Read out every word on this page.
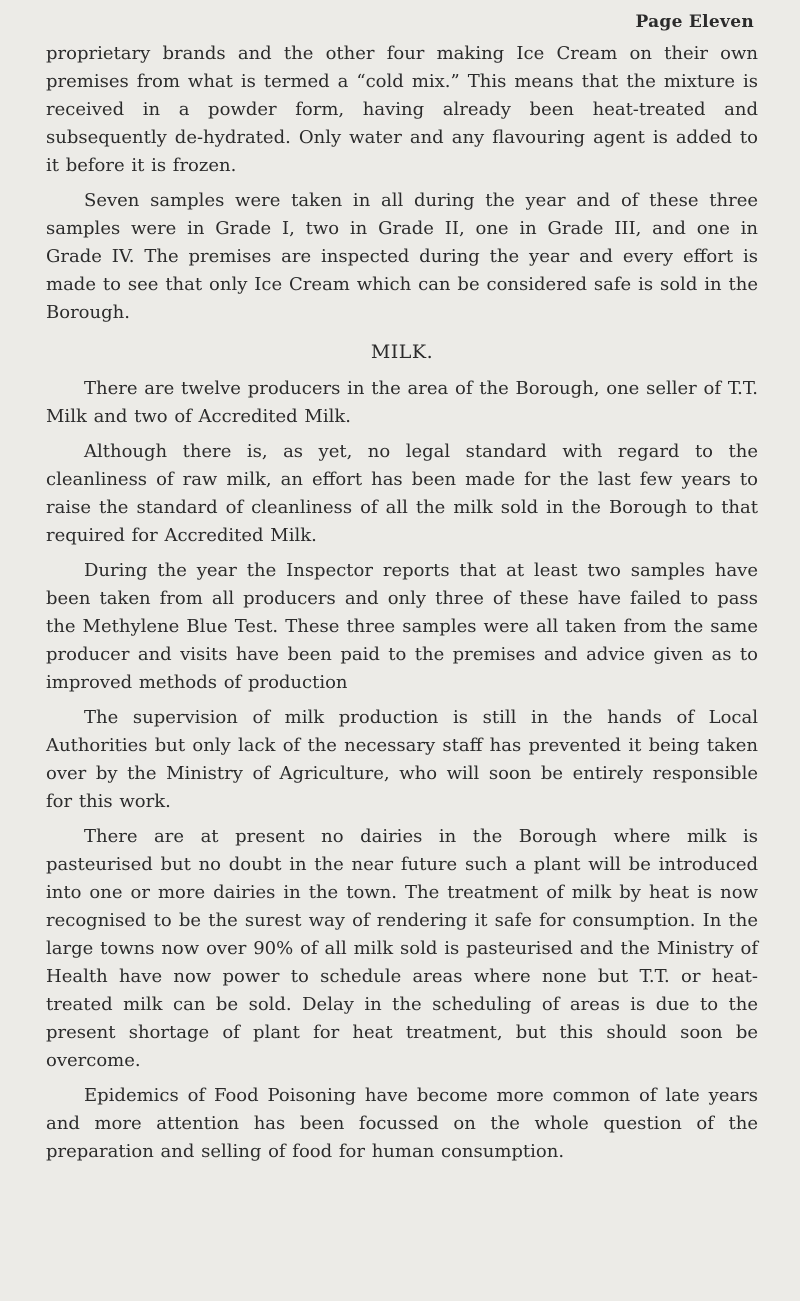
Page Eleven

proprietary brands and the other four making Ice Cream on their own premises from what is termed a “cold mix.” This means that the mixture is received in a powder form, having already been heat-treated and subsequently de-hydrated. Only water and any flavouring agent is added to it before it is frozen.

Seven samples were taken in all during the year and of these three samples were in Grade I, two in Grade II, one in Grade III, and one in Grade IV. The premises are inspected during the year and every effort is made to see that only Ice Cream which can be considered safe is sold in the Borough.

MILK.

There are twelve producers in the area of the Borough, one seller of T.T. Milk and two of Accredited Milk.

Although there is, as yet, no legal standard with regard to the cleanliness of raw milk, an effort has been made for the last few years to raise the standard of cleanliness of all the milk sold in the Borough to that required for Accredited Milk.

During the year the Inspector reports that at least two samples have been taken from all producers and only three of these have failed to pass the Methylene Blue Test. These three samples were all taken from the same producer and visits have been paid to the premises and advice given as to improved methods of production

The supervision of milk production is still in the hands of Local Authorities but only lack of the necessary staff has prevented it being taken over by the Ministry of Agriculture, who will soon be entirely responsible for this work.

There are at present no dairies in the Borough where milk is pasteurised but no doubt in the near future such a plant will be introduced into one or more dairies in the town. The treatment of milk by heat is now recognised to be the surest way of rendering it safe for consumption. In the large towns now over 90% of all milk sold is pasteurised and the Ministry of Health have now power to schedule areas where none but T.T. or heat-treated milk can be sold. Delay in the scheduling of areas is due to the present shortage of plant for heat treatment, but this should soon be overcome.

Epidemics of Food Poisoning have become more common of late years and more attention has been focussed on the whole question of the preparation and selling of food for human consumption.
